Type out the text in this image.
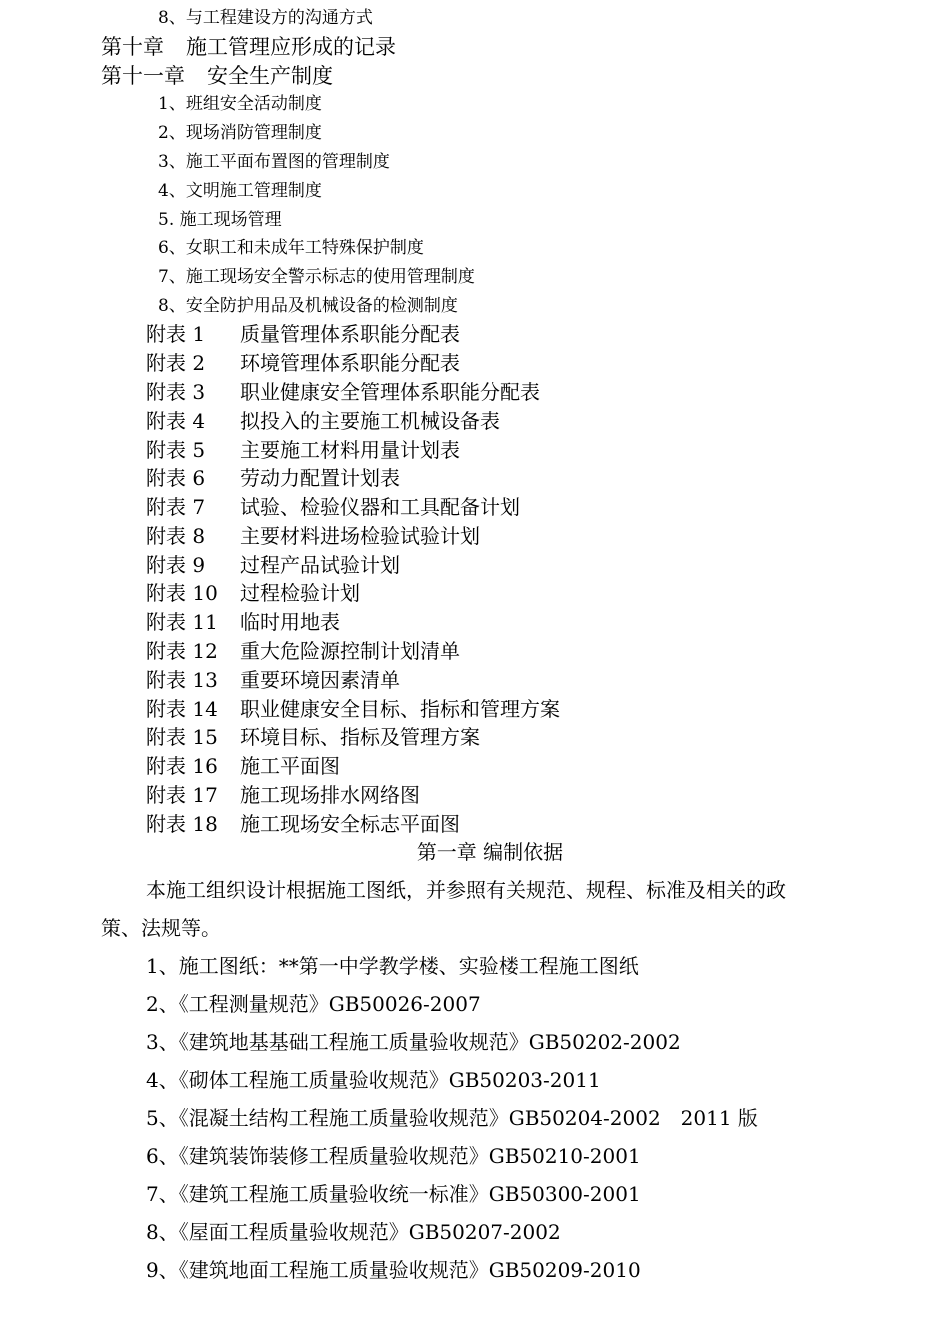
8、与工程建设方的沟通方式
第十章 施工管理应形成的记录
第十一章 安全生产制度
1、班组安全活动制度
2、现场消防管理制度
3、施工平面布置图的管理制度
4、文明施工管理制度
5. 施工现场管理
6、女职工和未成年工特殊保护制度
7、施工现场安全警示标志的使用管理制度
8、安全防护用品及机械设备的检测制度
附表 1 质量管理体系职能分配表
附表 2 环境管理体系职能分配表
附表 3 职业健康安全管理体系职能分配表
附表 4 拟投入的主要施工机械设备表
附表 5 主要施工材料用量计划表
附表 6 劳动力配置计划表
附表 7 试验、检验仪器和工具配备计划
附表 8 主要材料进场检验试验计划
附表 9 过程产品试验计划
附表 10 过程检验计划
附表 11 临时用地表
附表 12 重大危险源控制计划清单
附表 13 重要环境因素清单
附表 14 职业健康安全目标、指标和管理方案
附表 15 环境目标、指标及管理方案
附表 16 施工平面图
附表 17 施工现场排水网络图
附表 18 施工现场安全标志平面图
第一章 编制依据
本施工组织设计根据施工图纸，并参照有关规范、规程、标准及相关的政
策、法规等。
1、施工图纸：**第一中学教学楼、实验楼工程施工图纸
2、《工程测量规范》GB50026-2007
3、《建筑地基基础工程施工质量验收规范》GB50202-2002
4、《砌体工程施工质量验收规范》GB50203-2011
5、《混凝土结构工程施工质量验收规范》GB50204-2002　2011 版
6、《建筑装饰装修工程质量验收规范》GB50210-2001
7、《建筑工程施工质量验收统一标准》GB50300-2001
8、《屋面工程质量验收规范》GB50207-2002
9、《建筑地面工程施工质量验收规范》GB50209-2010
